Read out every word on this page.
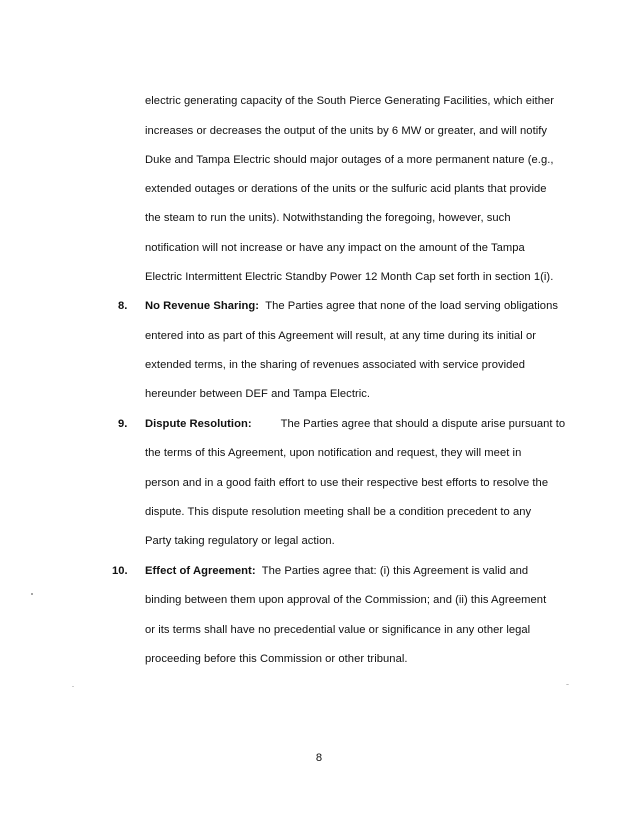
electric generating capacity of the South Pierce Generating Facilities, which either
increases or decreases the output of the units by 6 MW or greater, and will notify
Duke and Tampa Electric should major outages of a more permanent nature (e.g.,
extended outages or derations of the units or the sulfuric acid plants that provide
the steam to run the units). Notwithstanding the foregoing, however, such
notification will not increase or have any impact on the amount of the Tampa
Electric Intermittent Electric Standby Power 12 Month Cap set forth in section 1(i).
8. No Revenue Sharing: The Parties agree that none of the load serving obligations
entered into as part of this Agreement will result, at any time during its initial or
extended terms, in the sharing of revenues associated with service provided
hereunder between DEF and Tampa Electric.
9. Dispute Resolution:	The Parties agree that should a dispute arise pursuant to
the terms of this Agreement, upon notification and request, they will meet in
person and in a good faith effort to use their respective best efforts to resolve the
dispute. This dispute resolution meeting shall be a condition precedent to any
Party taking regulatory or legal action.
10. Effect of Agreement: The Parties agree that: (i) this Agreement is valid and
binding between them upon approval of the Commission; and (ii) this Agreement
or its terms shall have no precedential value or significance in any other legal
proceeding before this Commission or other tribunal.
8
